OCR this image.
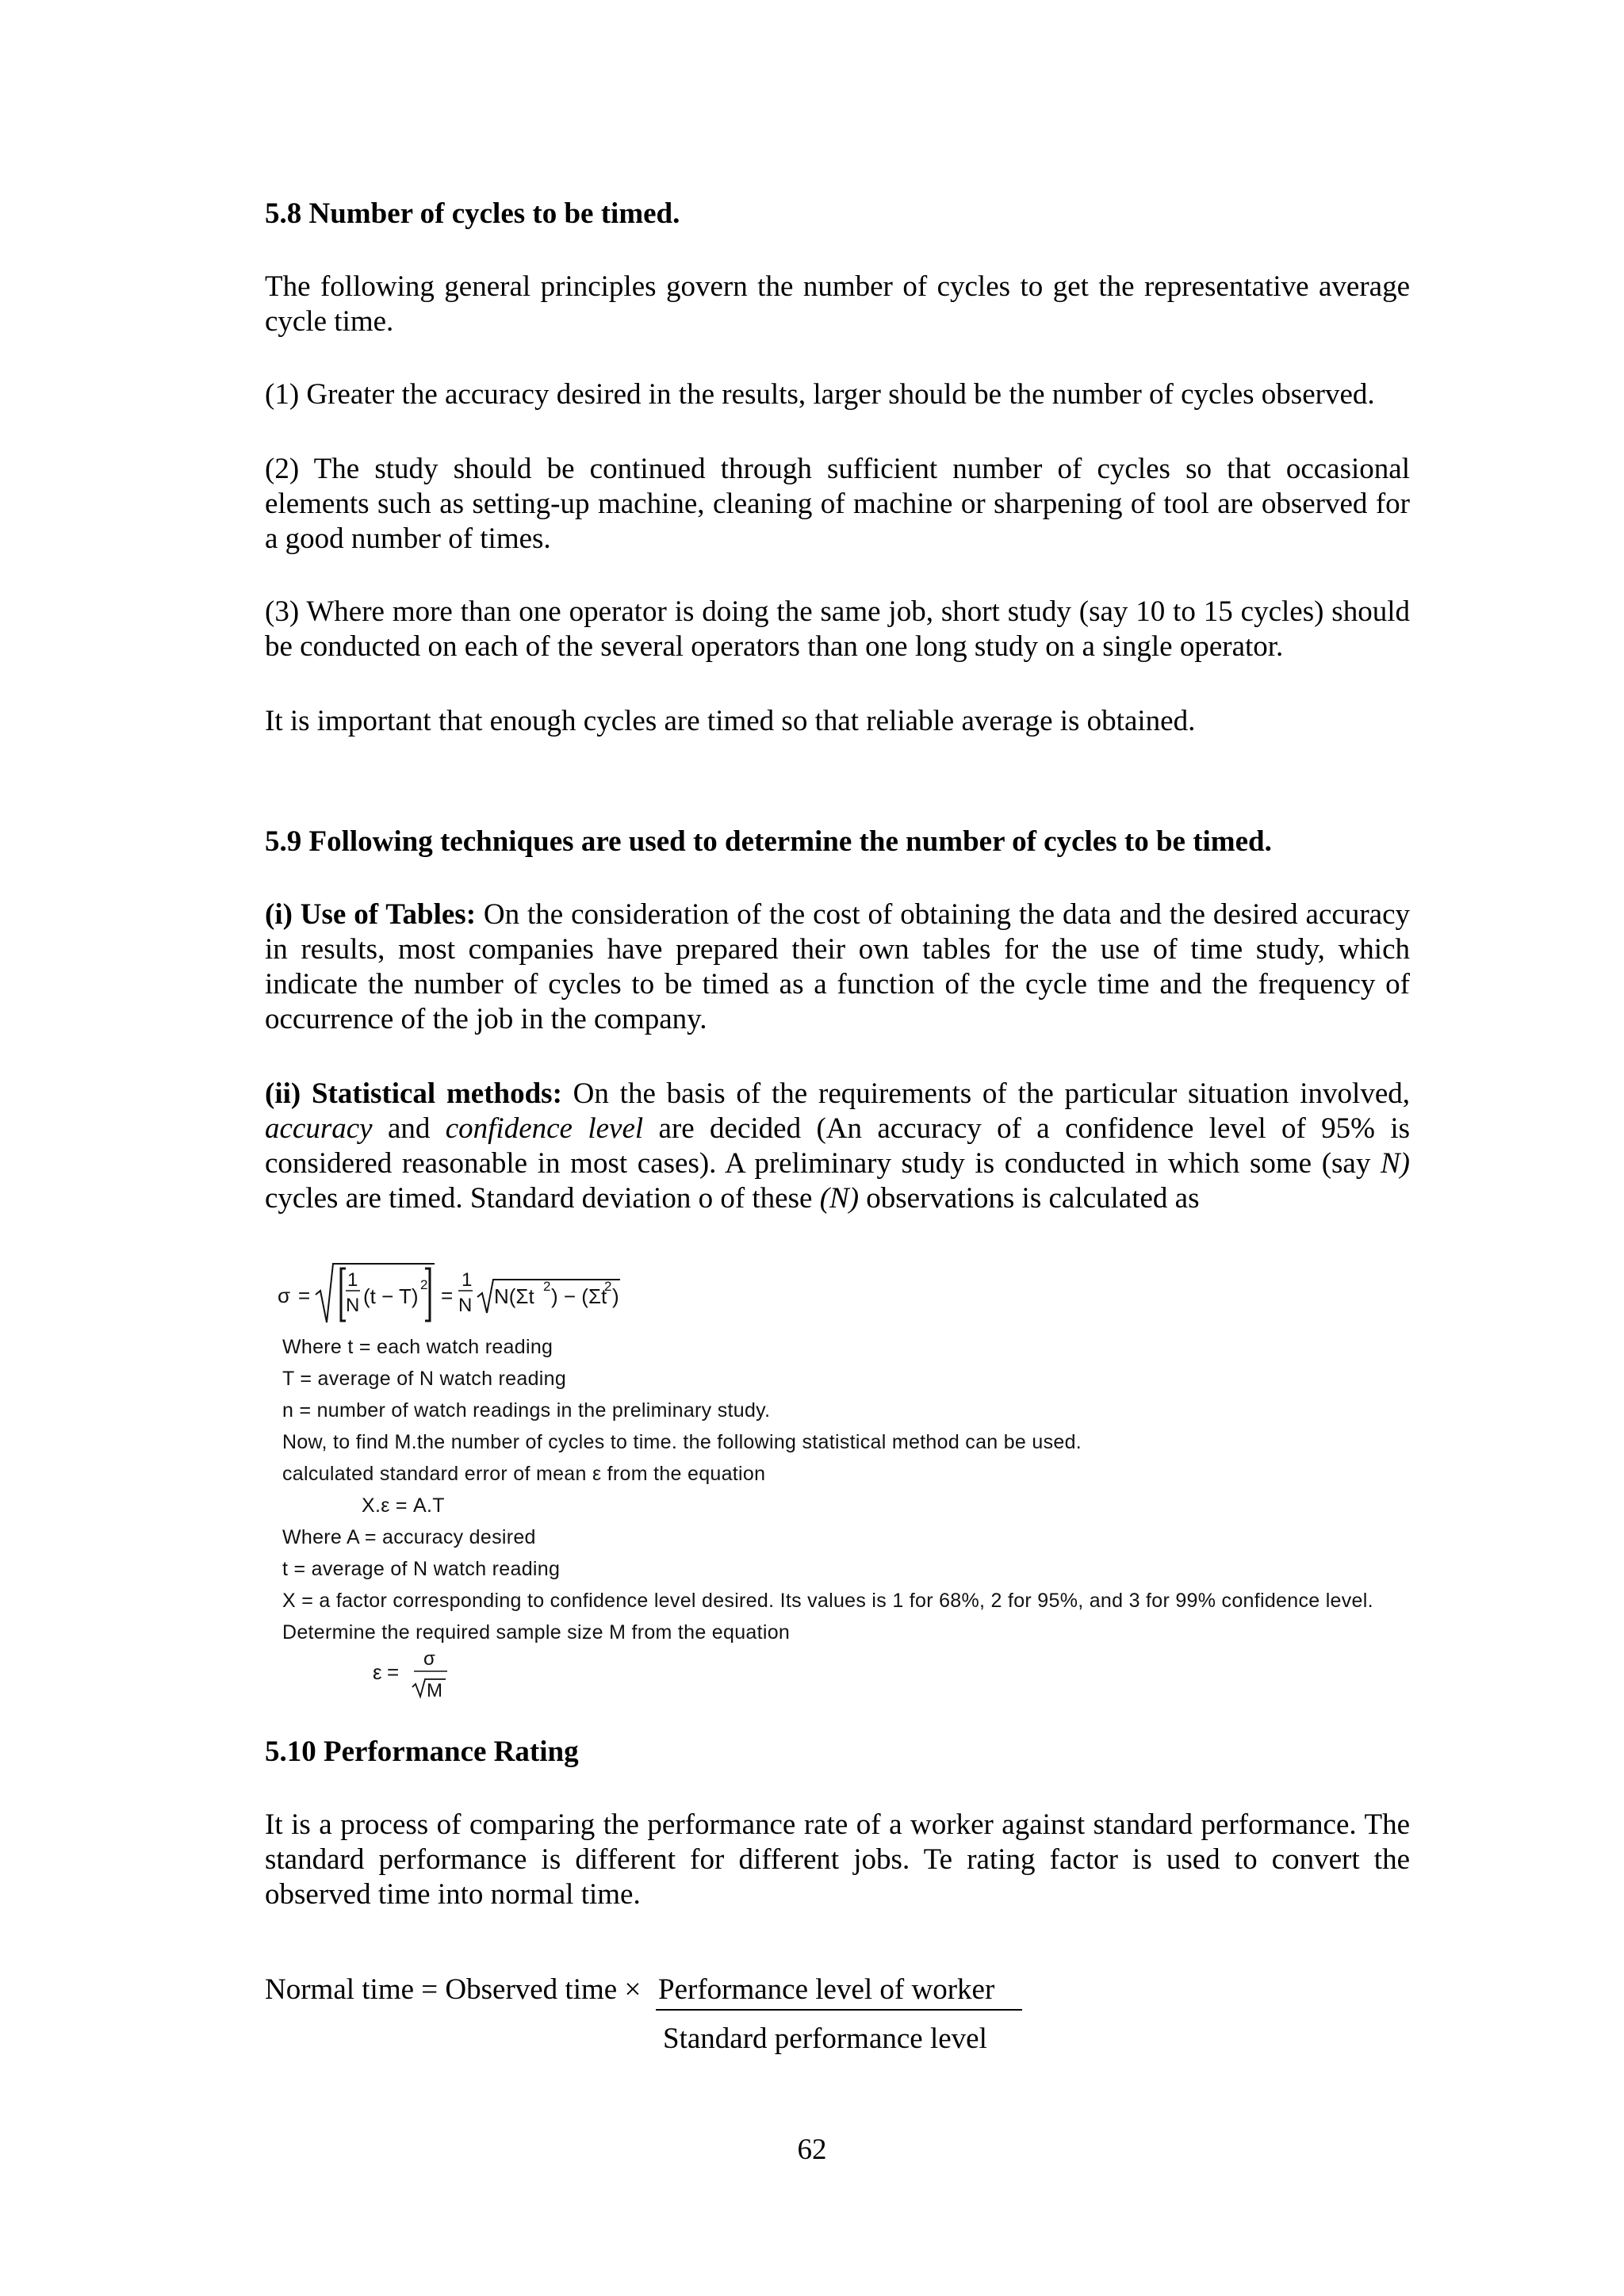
5.8 Number of cycles to be timed.

The following general principles govern the number of cycles to get the representative average cycle time.

(1) Greater the accuracy desired in the results, larger should be the number of cycles observed.

(2) The study should be continued through sufficient number of cycles so that occasional elements such as setting-up machine, cleaning of machine or sharpening of tool are observed for a good number of times.

(3) Where more than one operator is doing the same job, short study (say 10 to 15 cycles) should be conducted on each of the several operators than one long study on a single operator.

It is important that enough cycles are timed so that reliable average is obtained.

5.9 Following techniques are used to determine the number of cycles to be timed.

(i) Use of Tables: On the consideration of the cost of obtaining the data and the desired accuracy in results, most companies have prepared their own tables for the use of time study, which indicate the number of cycles to be timed as a function of the cycle time and the frequency of occurrence of the job in the company.

(ii) Statistical methods: On the basis of the requirements of the particular situation involved, accuracy and confidence level are decided (An accuracy of a confidence level of 95% is considered reasonable in most cases). A preliminary study is conducted in which some (say N) cycles are timed. Standard deviation o of these (N) observations is calculated as

σ =
1
N (t − T) 2 =
1
N N(Σt 2 ) − (Σt
2 )
ε =
σ
M
Where t = each watch reading
T = average of N watch reading
n = number of watch readings in the preliminary study.
Now, to find M.the number of cycles to time. the following statistical method can be used.
calculated standard error of mean ε from the equation
X.ε = A.T
Where A = accuracy desired
t = average of N watch reading
X = a factor corresponding to confidence level desired. Its values is 1 for 68%, 2 for 95%, and 3 for 99% confidence level.
Determine the required sample size M from the equation

5.10 Performance Rating

It is a process of comparing the performance rate of a worker against standard performance. The standard performance is different for different jobs. Te rating factor is used to convert the observed time into normal time.

Normal time = Observed time × Performance level of worker
Standard performance level
62
